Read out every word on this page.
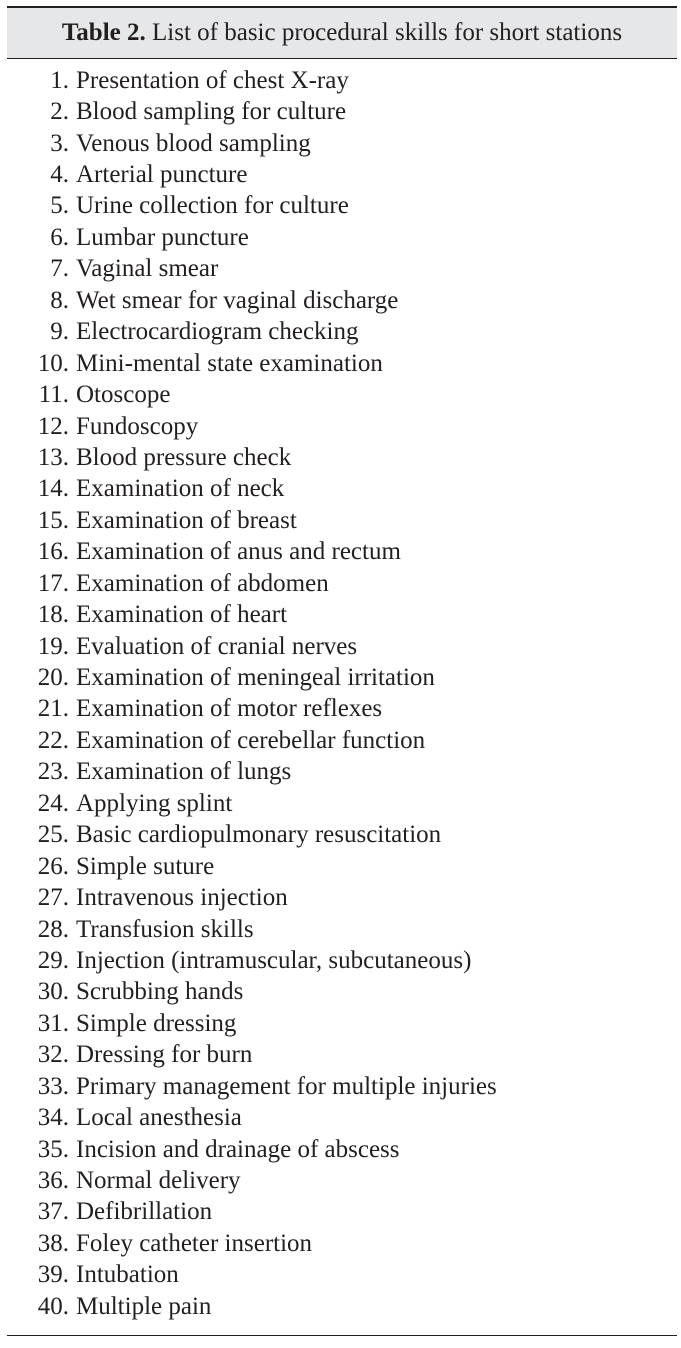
Table 2. List of basic procedural skills for short stations
1. Presentation of chest X-ray
2. Blood sampling for culture
3. Venous blood sampling
4. Arterial puncture
5. Urine collection for culture
6. Lumbar puncture
7. Vaginal smear
8. Wet smear for vaginal discharge
9. Electrocardiogram checking
10. Mini-mental state examination
11. Otoscope
12. Fundoscopy
13. Blood pressure check
14. Examination of neck
15. Examination of breast
16. Examination of anus and rectum
17. Examination of abdomen
18. Examination of heart
19. Evaluation of cranial nerves
20. Examination of meningeal irritation
21. Examination of motor reflexes
22. Examination of cerebellar function
23. Examination of lungs
24. Applying splint
25. Basic cardiopulmonary resuscitation
26. Simple suture
27. Intravenous injection
28. Transfusion skills
29. Injection (intramuscular, subcutaneous)
30. Scrubbing hands
31. Simple dressing
32. Dressing for burn
33. Primary management for multiple injuries
34. Local anesthesia
35. Incision and drainage of abscess
36. Normal delivery
37. Defibrillation
38. Foley catheter insertion
39. Intubation
40. Multiple pain
